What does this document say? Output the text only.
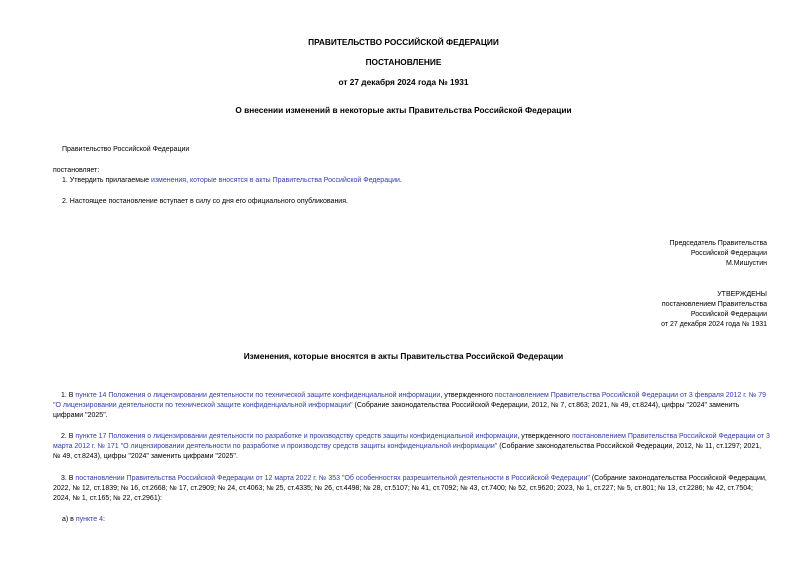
ПРАВИТЕЛЬСТВО РОССИЙСКОЙ ФЕДЕРАЦИИ
ПОСТАНОВЛЕНИЕ
от 27 декабря 2024 года № 1931
О внесении изменений в некоторые акты Правительства Российской Федерации
Правительство Российской Федерации
постановляет:
1. Утвердить прилагаемые изменения, которые вносятся в акты Правительства Российской Федерации.
2. Настоящее постановление вступает в силу со дня его официального опубликования.
Председатель Правительства
Российской Федерации
М.Мишустин
УТВЕРЖДЕНЫ
постановлением Правительства
Российской Федерации
от 27 декабря 2024 года № 1931
Изменения, которые вносятся в акты Правительства Российской Федерации
1. В пункте 14 Положения о лицензировании деятельности по технической защите конфиденциальной информации, утвержденного постановлением Правительства Российской Федерации от 3 февраля 2012 г. № 79 "О лицензировании деятельности по технической защите конфиденциальной информации" (Собрание законодательства Российской Федерации, 2012, № 7, ст.863; 2021, № 49, ст.8244), цифры "2024" заменить цифрами "2025".
2. В пункте 17 Положения о лицензировании деятельности по разработке и производству средств защиты конфиденциальной информации, утвержденного постановлением Правительства Российской Федерации от 3 марта 2012 г. № 171 "О лицензировании деятельности по разработке и производству средств защиты конфиденциальной информации" (Собрание законодательства Российской Федерации, 2012, № 11, ст.1297; 2021, № 49, ст.8243), цифры "2024" заменить цифрами "2025".
3. В постановлении Правительства Российской Федерации от 12 марта 2022 г. № 353 "Об особенностях разрешительной деятельности в Российской Федерации" (Собрание законодательства Российской Федерации, 2022, № 12, ст.1839; № 16, ст.2668; № 17, ст.2909; № 24, ст.4063; № 25, ст.4335; № 26, ст.4498; № 28, ст.5107; № 41, ст.7092; № 43, ст.7400; № 52, ст.9620; 2023, № 1, ст.227; № 5, ст.801; № 13, ст.2286; № 42, ст.7504; 2024, № 1, ст.165; № 22, ст.2961):
а) в пункте 4:
